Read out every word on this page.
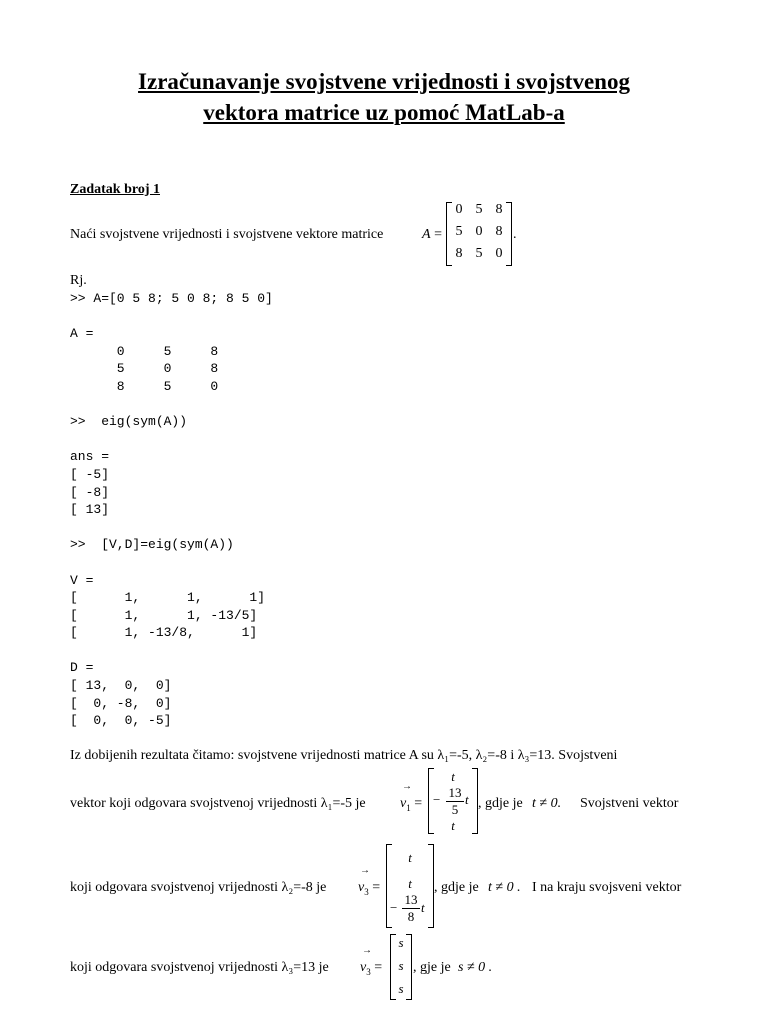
Izračunavanje svojstvene vrijednosti i svojstvenog
vektora matrice uz pomoć MatLab-a
Zadatak broj 1
Naći svojstvene vrijednosti i svojstvene vektore matrice	A =
0 5 8
5 0 8
8 5 0
.
Rj.
>> A=[0 5 8; 5 0 8; 8 5 0]

A =
0     5     8
5     0     8
8     5     0

>>  eig(sym(A))

ans =
[ -5]
[ -8]
[ 13]

>>  [V,D]=eig(sym(A))

V =
[      1,      1,      1]
[      1,      1, -13/5]
[      1, -13/8,      1]

D =
[ 13,  0,  0]
[  0, -8,  0]
[  0,  0, -5]
Iz dobijenih rezultata čitamo: svojstvene vrijednosti matrice A su λ₁=-5, λ₂=-8 i λ₃=13. Svojstveni
vektor koji odgovara svojstvenoj vrijednosti λ₁=-5 je
→
$v_1$ =
t
− 13
5
t
t
, gdje je t ≠ 0. Svojstveni vektor
koji odgovara svojstvenoj vrijednosti λ₂=-8 je
→
$v_3$ =
t
t
−
13
8
t
, gdje je t ≠ 0 . I na kraju svojsveni vektor
koji odgovara svojstvenoj vrijednosti λ₃=13 je
→
$v_3$ =
s
s
s
, gje je s ≠ 0 .
